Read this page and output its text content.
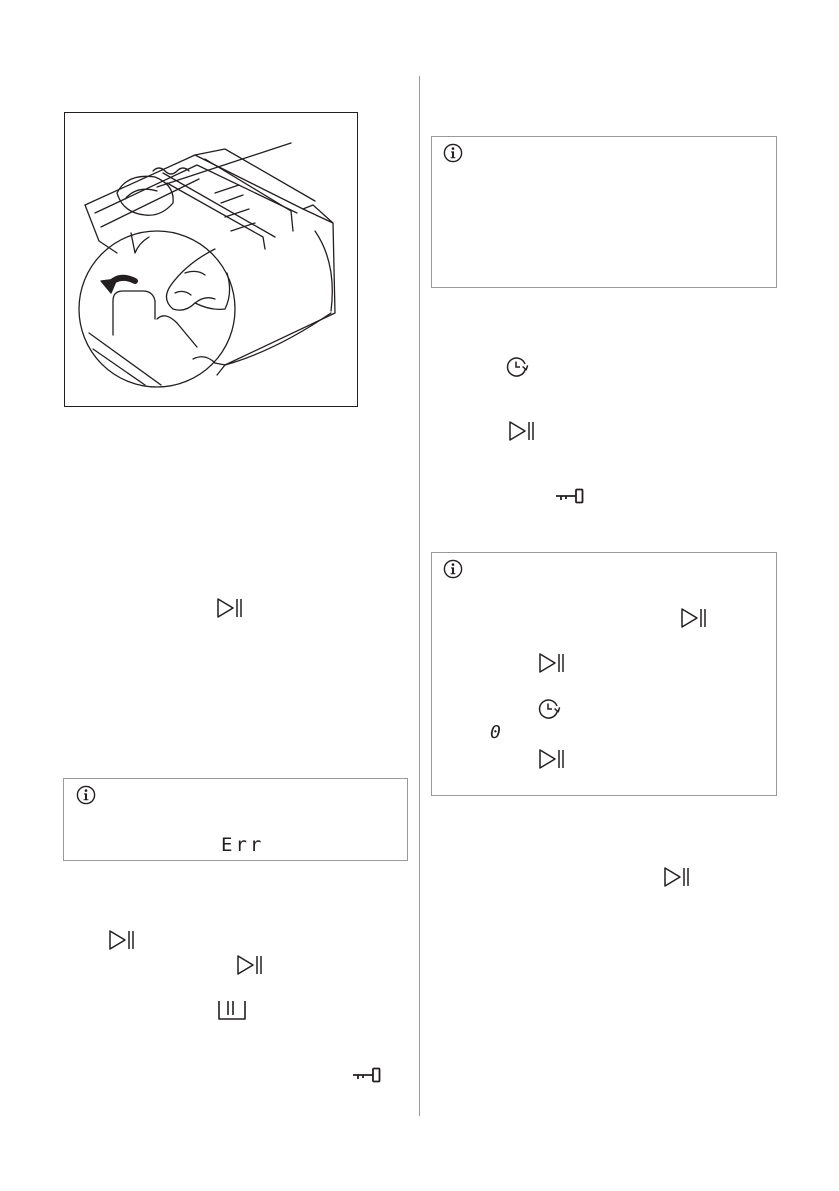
Err
0
